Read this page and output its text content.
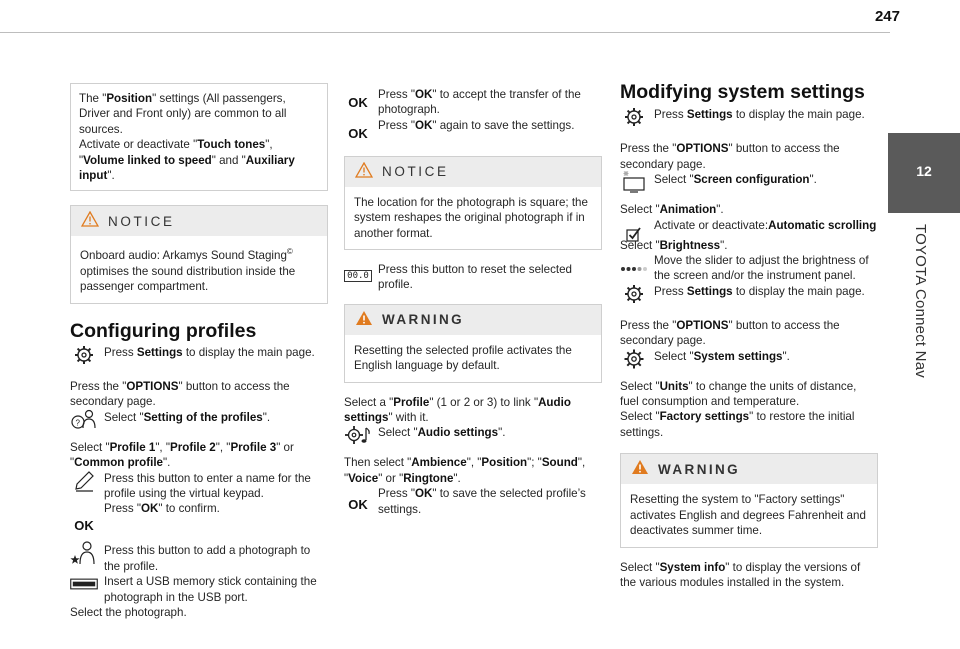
247
12
TOYOTA Connect Nav

The "Position" settings (All passengers, Driver and Front only) are common to all sources.
Activate or deactivate "Touch tones", "Volume linked to speed" and "Auxiliary input".

NOTICE

Onboard audio: Arkamys Sound Staging© optimises the sound distribution inside the passenger compartment.

Configuring profiles

Press Settings to display the main page.

Press the "OPTIONS" button to access the secondary page.

? Select "Setting of the profiles".

Select "Profile 1", "Profile 2", "Profile 3" or "Common profile".

Press this button to enter a name for the profile using the virtual keypad.

OK

Press "OK" to confirm.

Press this button to add a photograph to the profile.

Insert a USB memory stick containing the photograph in the USB port.

Select the photograph.

OK

Press "OK" to accept the transfer of the photograph.

OK

Press "OK" again to save the settings.

NOTICE

The location for the photograph is square; the system reshapes the original photograph if in another format.

00.0 Press this button to reset the selected profile.

WARNING

Resetting the selected profile activates the English language by default.

Select a "Profile" (1 or 2 or 3) to link "Audio settings" with it.

Select "Audio settings".

Then select "Ambience", "Position"; "Sound", "Voice" or "Ringtone".

OK

Press "OK" to save the selected profile’s settings.

Modifying system settings

Press Settings to display the main page.

Press the "OPTIONS" button to access the secondary page.

Select "Screen configuration".

Select "Animation".

Activate or deactivate:Automatic scrolling

Select "Brightness".

Move the slider to adjust the brightness of the screen and/or the instrument panel.

Press Settings to display the main page.

Press the "OPTIONS" button to access the secondary page.

Select "System settings".

Select "Units" to change the units of distance, fuel consumption and temperature.

Select "Factory settings" to restore the initial settings.

WARNING

Resetting the system to "Factory settings" activates English and degrees Fahrenheit and deactivates summer time.

Select "System info" to display the versions of the various modules installed in the system.
